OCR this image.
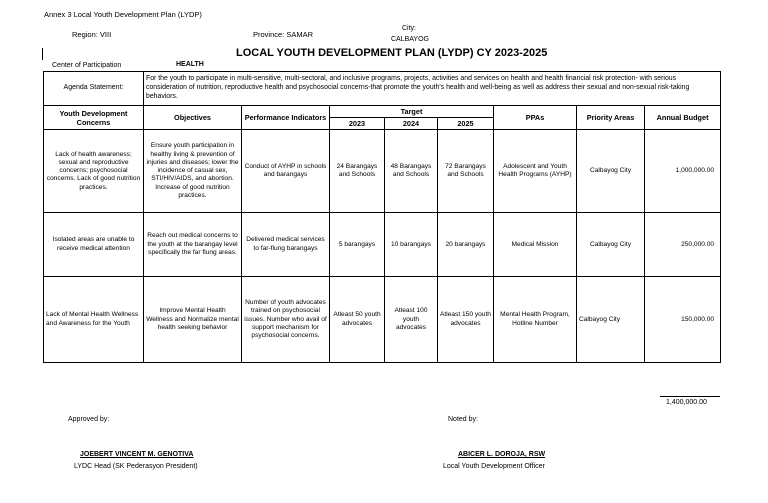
Annex 3 Local Youth Development Plan (LYDP)
Region: VIII	Province: SAMAR
City:
CALBAYOG
LOCAL YOUTH DEVELOPMENT PLAN (LYDP) CY 2023-2025
Center of Participation	HEALTH
Agenda Statement:	For the youth to participate in multi-sensitive, multi-sectoral, and inclusive programs, projects, activities and services on health and health financial risk protection- with serious consideration of nutrition, reproductive health and psychosocial concerns-that promote the youth's health and well-being as well as address their sexual and non-sexual risk-taking behaviors.							
Youth Development Concerns	Objectives	Performance Indicators	Target			PPAs	Priority Areas	Annual Budget
			2023	2024	2025			
Lack of health awareness; sexual and reproductive concerns; psychosocial concerns. Lack of good nutrition practices.	Ensure youth participation in healthy living & prevention of injuries and diseases; lower the incidence of casual sex, STI/HIV/AIDS, and abortion. Increase of good nutrition practices.	Conduct of AYHP in schools and barangays	24 Barangays and Schools	48 Barangays and Schools	72 Barangays and Schools	Adolescent and Youth Health Programs (AYHP)	Calbayog City	1,000,000.00
Isolated areas are unable to receive medical attention	Reach out medical concerns to the youth at the barangay level specifically the far flung areas.	Delivered medical services to far-flung barangays	5 barangays	10 barangays	20 barangays	Medical Mission	Calbayog City	250,000.00
Lack of Mental Health Wellness and Awareness for the Youth	Improve Mental Health Wellness and Normalize mental health seeking behavior	Number of youth advocates trained on psychosocial issues. Number who avail of support mechanism for psychosocial concerns.	Atleast 50 youth advocates	Atleast 100 youth advocates	Atleast 150 youth advocates	Mental Health Program, Hotline Number	Calbayog City	150,000.00
1,400,000.00
Approved by:	Noted by:
JOEBERT VINCENT M. GENOTIVA
LYDC Head (SK Pederasyon President)
ABICER L. DOROJA, RSW
Local Youth Development Officer
